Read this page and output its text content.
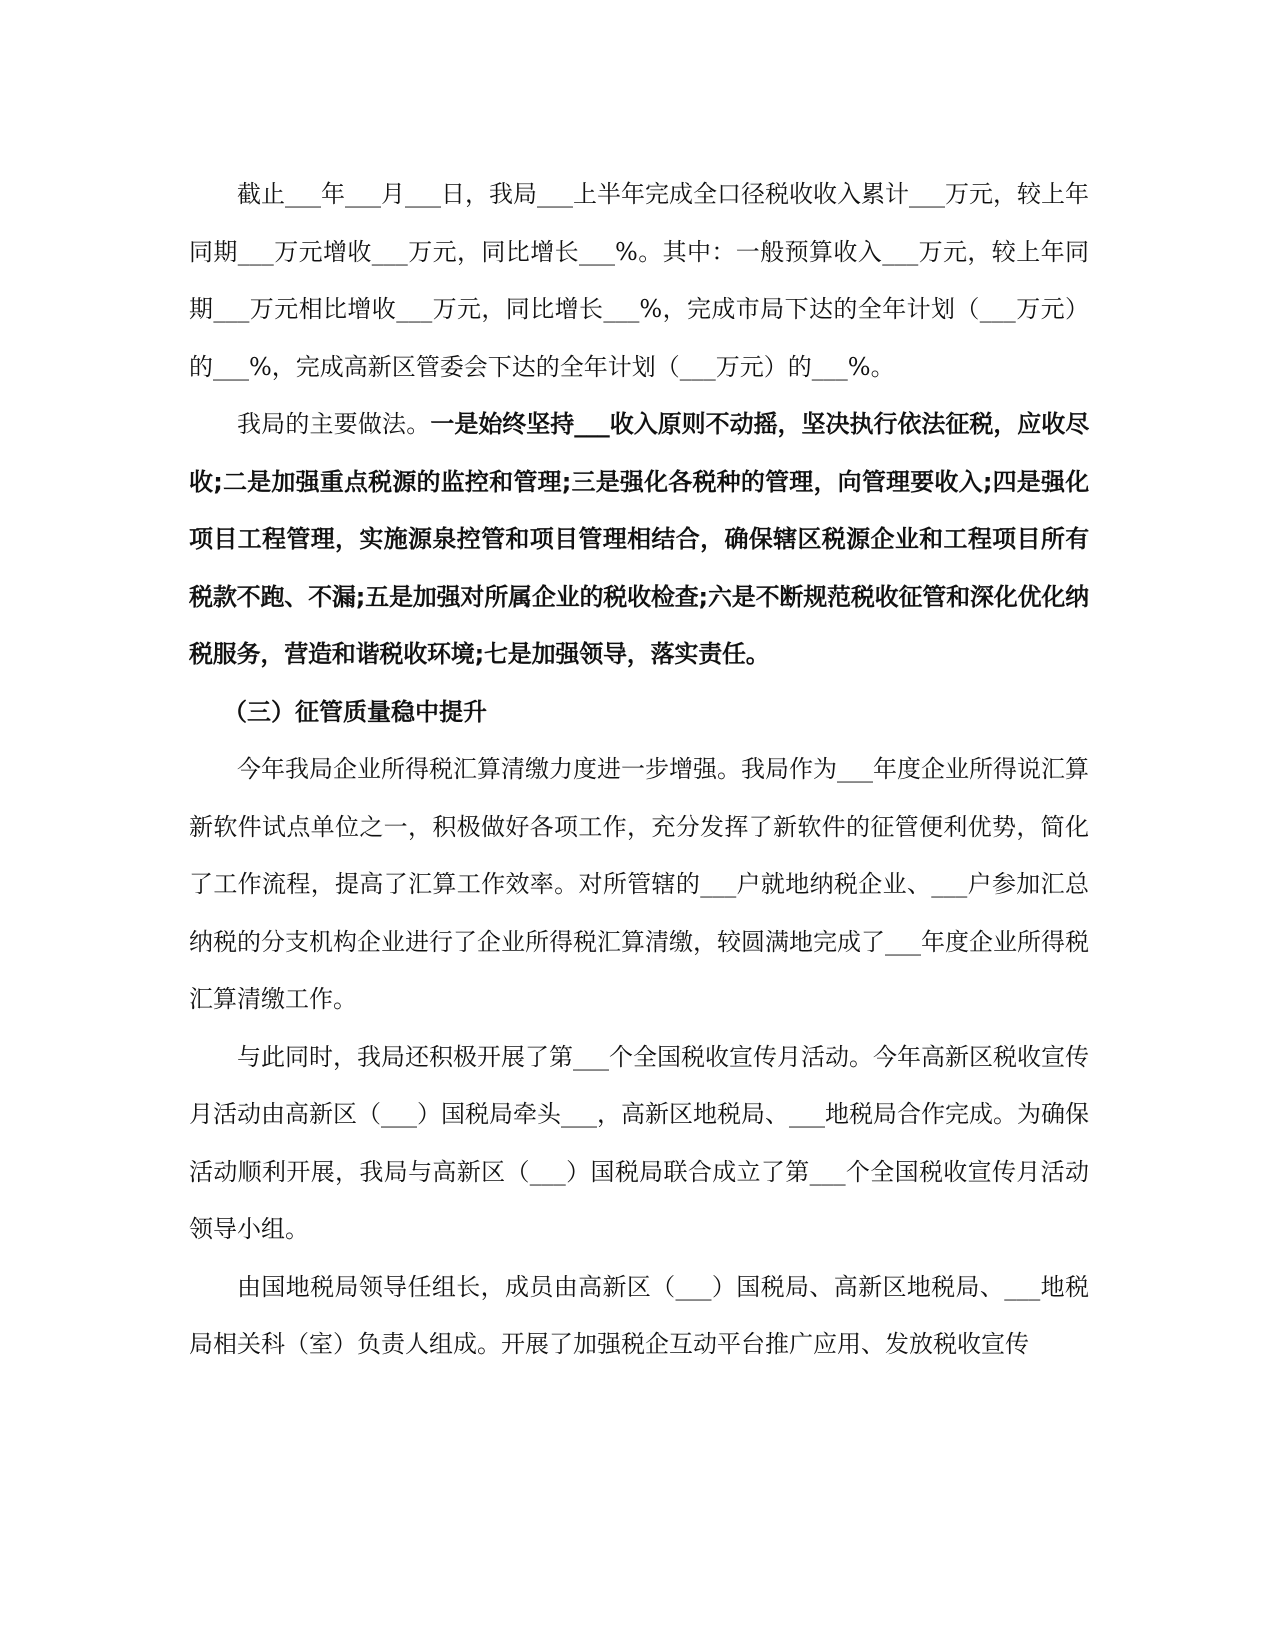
截止___年___月___日，我局___上半年完成全口径税收收入累计___万元，较上年同期___万元增收___万元，同比增长___%。其中：一般预算收入___万元，较上年同期___万元相比增收___万元，同比增长___%，完成市局下达的全年计划（___万元）的___%，完成高新区管委会下达的全年计划（___万元）的___%。

我局的主要做法。一是始终坚持___收入原则不动摇，坚决执行依法征税，应收尽收;二是加强重点税源的监控和管理;三是强化各税种的管理，向管理要收入;四是强化项目工程管理，实施源泉控管和项目管理相结合，确保辖区税源企业和工程项目所有税款不跑、不漏;五是加强对所属企业的税收检查;六是不断规范税收征管和深化优化纳税服务，营造和谐税收环境;七是加强领导，落实责任。

（三）征管质量稳中提升

今年我局企业所得税汇算清缴力度进一步增强。我局作为___年度企业所得说汇算新软件试点单位之一，积极做好各项工作，充分发挥了新软件的征管便利优势，简化了工作流程，提高了汇算工作效率。对所管辖的___户就地纳税企业、___户参加汇总纳税的分支机构企业进行了企业所得税汇算清缴，较圆满地完成了___年度企业所得税汇算清缴工作。

与此同时，我局还积极开展了第___个全国税收宣传月活动。今年高新区税收宣传月活动由高新区（___）国税局牵头___，高新区地税局、___地税局合作完成。为确保活动顺利开展，我局与高新区（___）国税局联合成立了第___个全国税收宣传月活动领导小组。

由国地税局领导任组长，成员由高新区（___）国税局、高新区地税局、___地税局相关科（室）负责人组成。开展了加强税企互动平台推广应用、发放税收宣传
